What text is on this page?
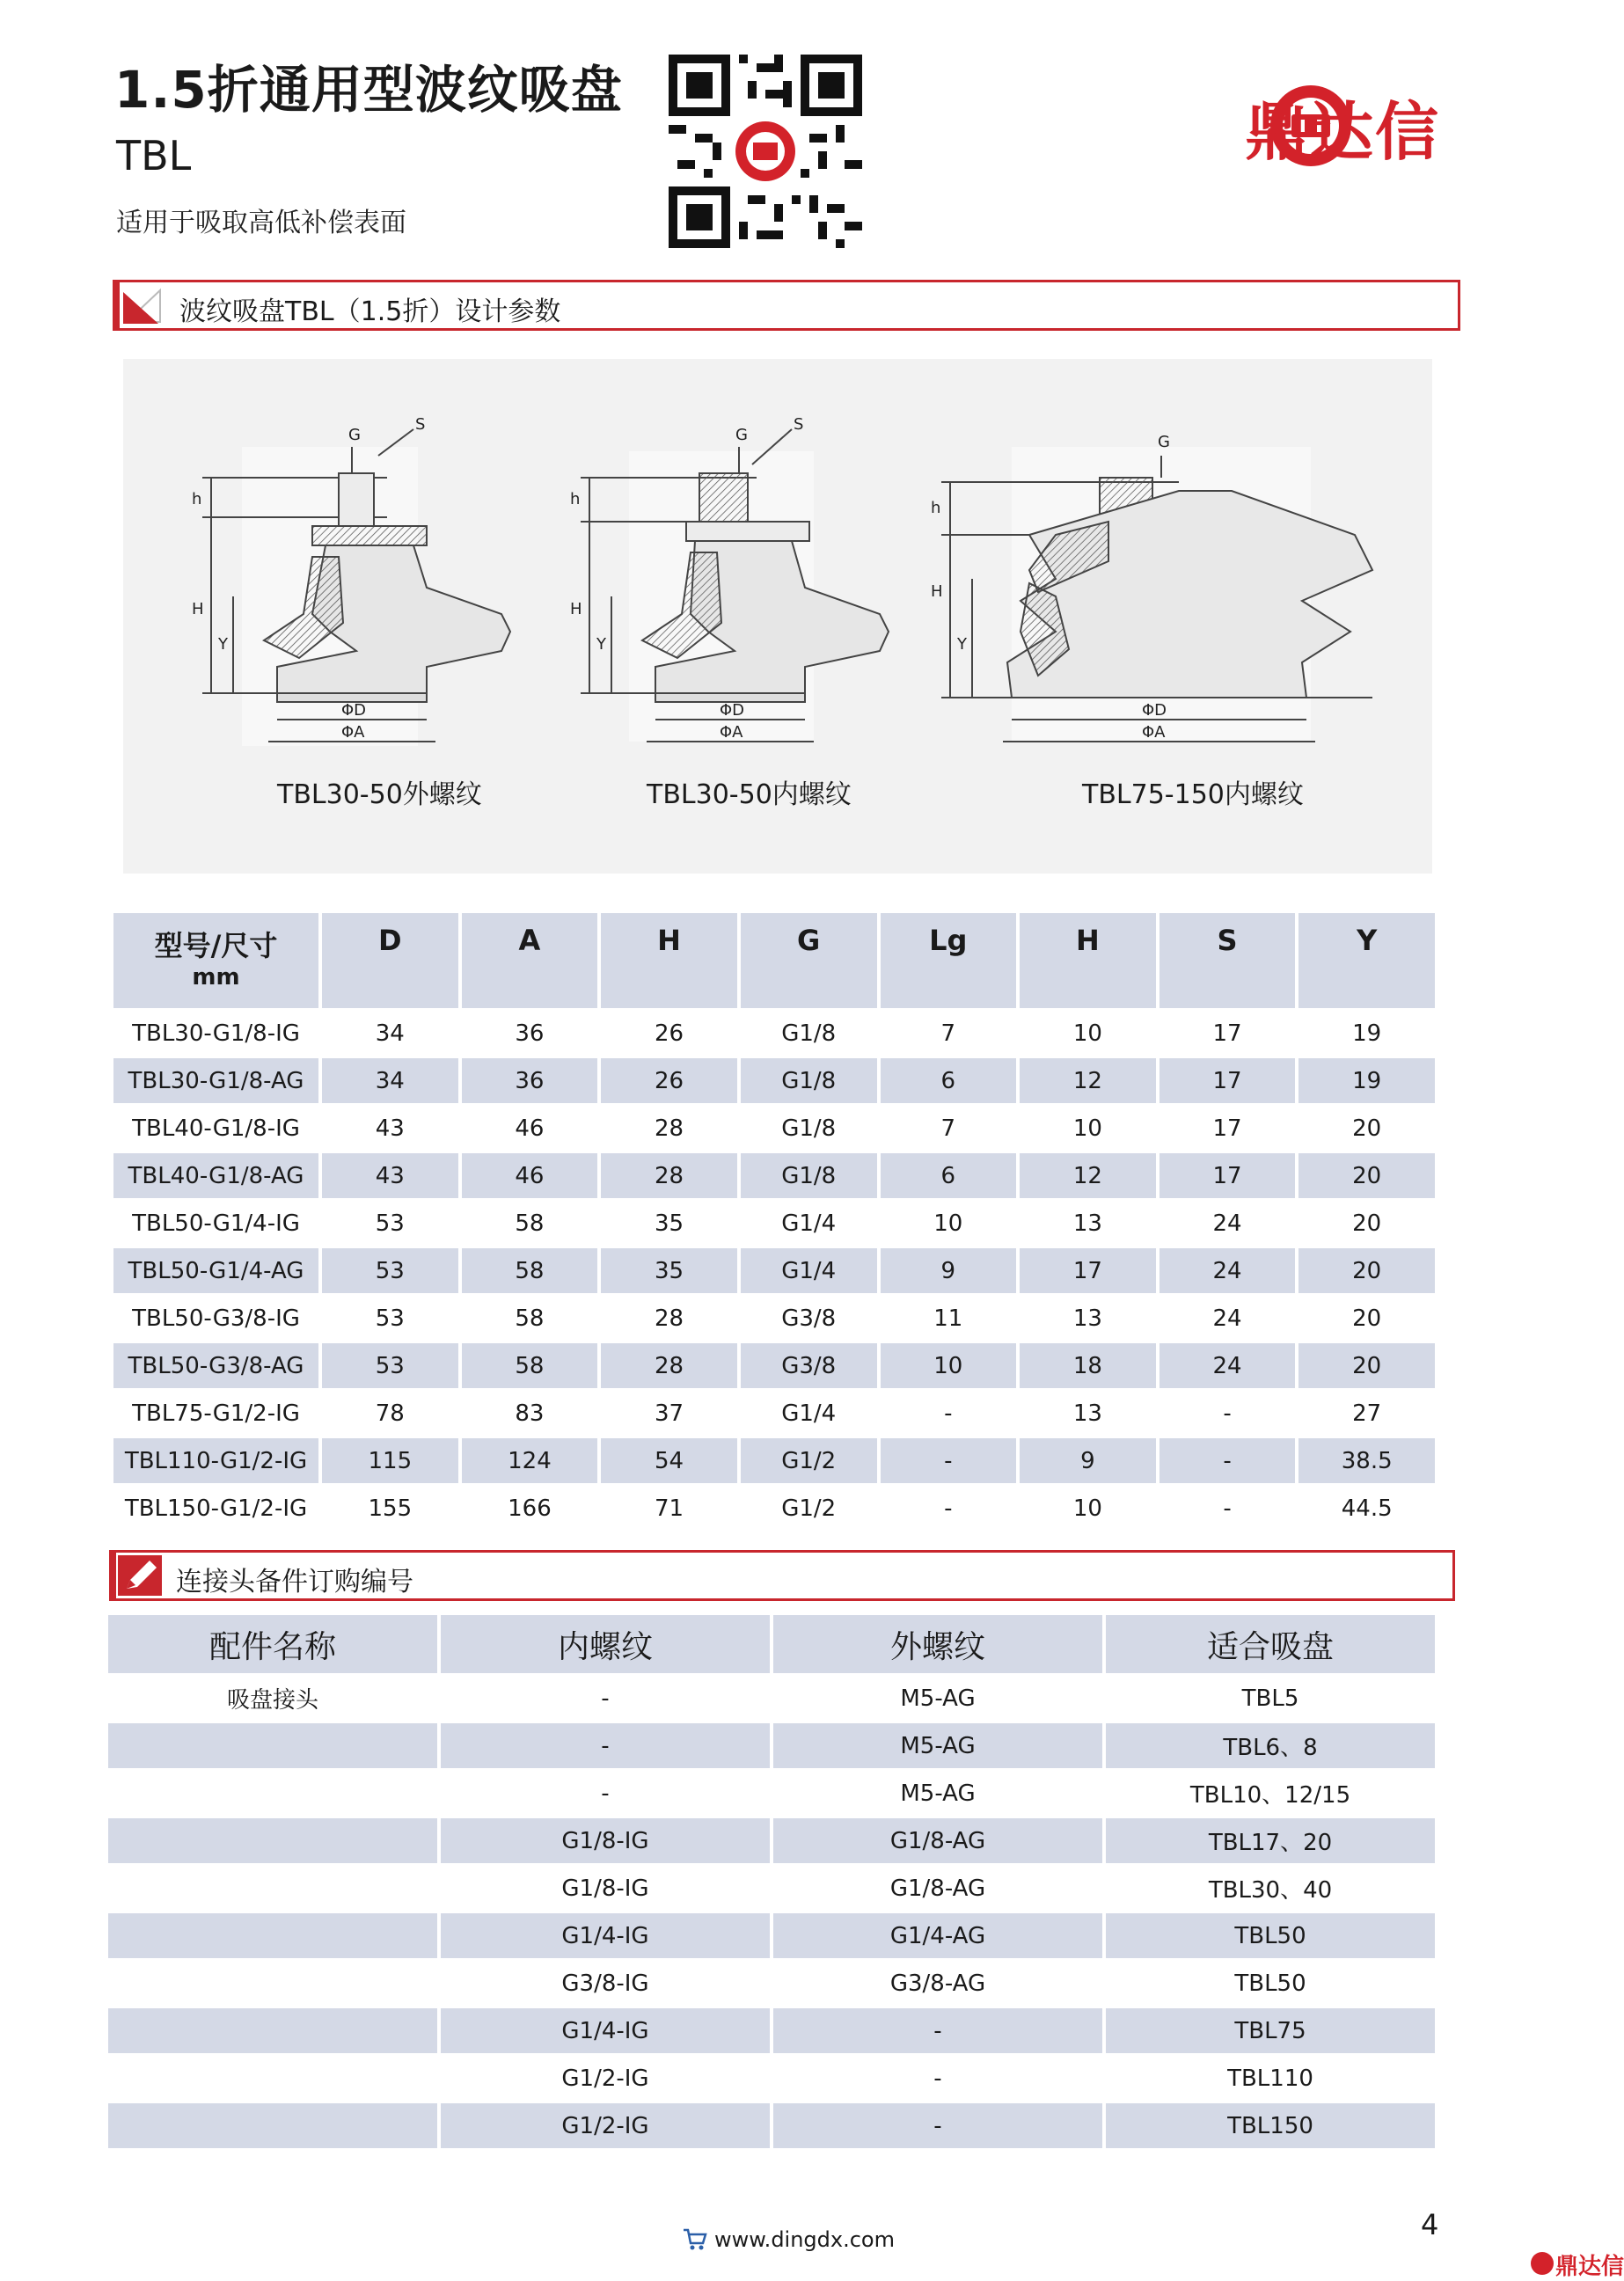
1.5折通用型波纹吸盘
TBL
适用于吸取高低补偿表面
鼎达信
波纹吸盘TBL（1.5折）设计参数
G
S
h
H
Y
ΦD
ΦA
G
S
h
H
Y
ΦD
ΦA
G
h
H
Y
ΦD
ΦA
TBL30-50外螺纹	TBL30-50内螺纹	TBL75-150内螺纹
型号/尺寸
mm	D	A	H	G	Lg	H	S	Y
TBL30-G1/8-IG	34	36	26	G1/8	7	10	17	19
TBL30-G1/8-AG	34	36	26	G1/8	6	12	17	19
TBL40-G1/8-IG	43	46	28	G1/8	7	10	17	20
TBL40-G1/8-AG	43	46	28	G1/8	6	12	17	20
TBL50-G1/4-IG	53	58	35	G1/4	10	13	24	20
TBL50-G1/4-AG	53	58	35	G1/4	9	17	24	20
TBL50-G3/8-IG	53	58	28	G3/8	11	13	24	20
TBL50-G3/8-AG	53	58	28	G3/8	10	18	24	20
TBL75-G1/2-IG	78	83	37	G1/4	-	13	-	27
TBL110-G1/2-IG	115	124	54	G1/2	-	9	-	38.5
TBL150-G1/2-IG	155	166	71	G1/2	-	10	-	44.5
连接头备件订购编号
配件名称	内螺纹	外螺纹	适合吸盘
吸盘接头	-	M5-AG	TBL5
	-	M5-AG	TBL6、8
	-	M5-AG	TBL10、12/15
	G1/8-IG	G1/8-AG	TBL17、20
	G1/8-IG	G1/8-AG	TBL30、40
	G1/4-IG	G1/4-AG	TBL50
	G3/8-IG	G3/8-AG	TBL50
	G1/4-IG	-	TBL75
	G1/2-IG	-	TBL110
	G1/2-IG	-	TBL150
4
www.dingdx.com
鼎达信
